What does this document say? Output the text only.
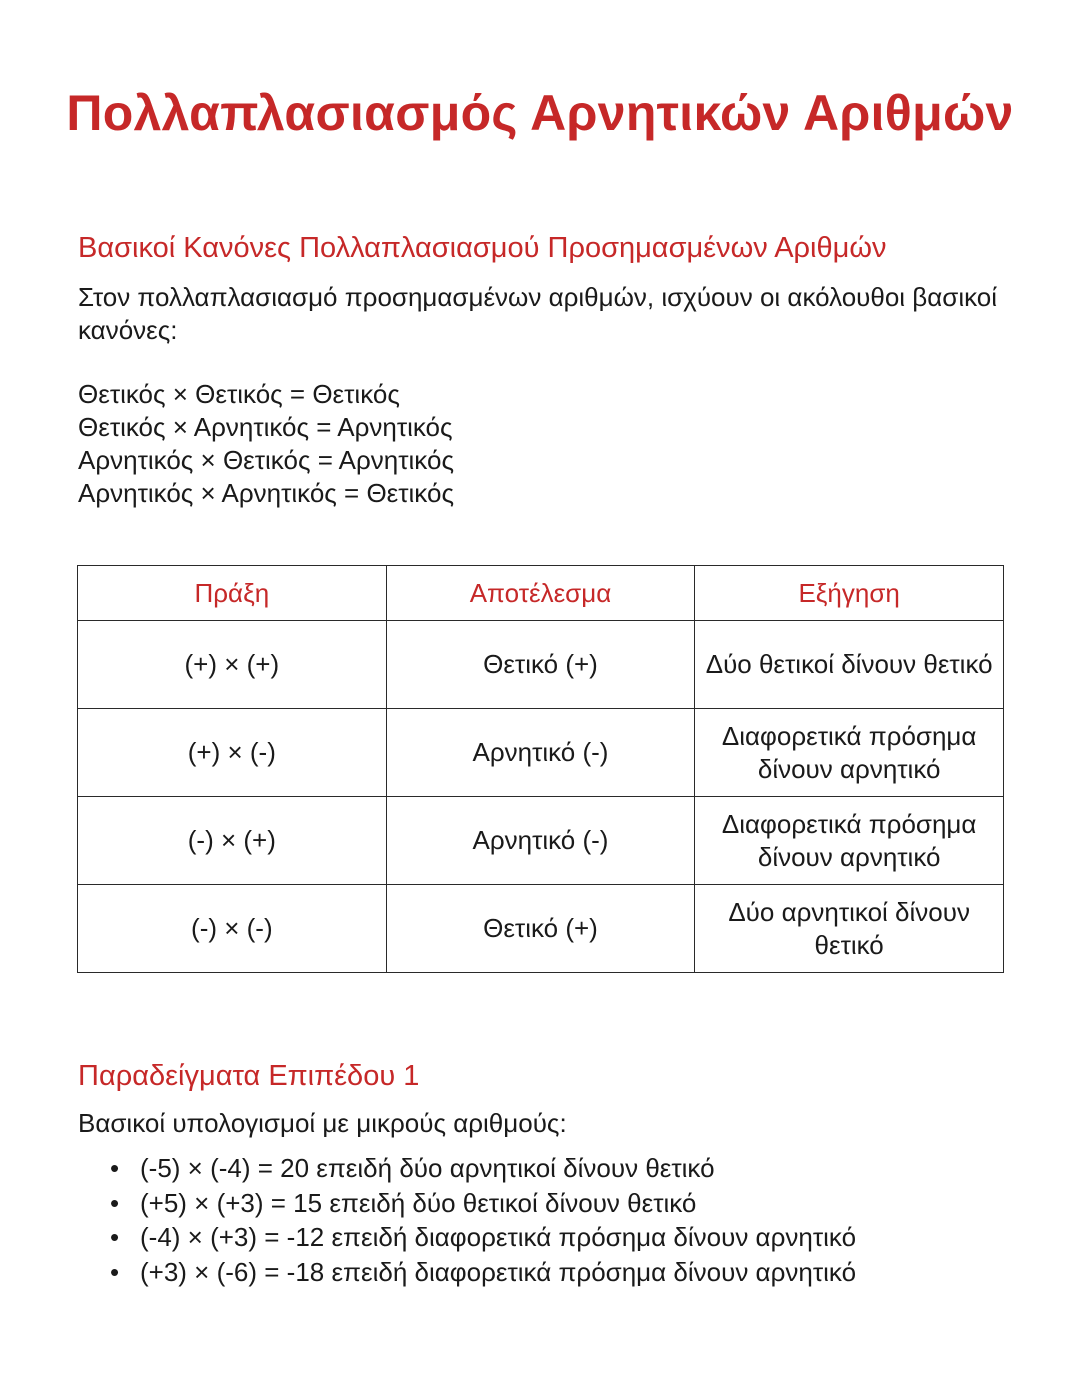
Πολλαπλασιασμός Αρνητικών Αριθμών
Βασικοί Κανόνες Πολλαπλασιασμού Προσημασμένων Αριθμών

Στον πολλαπλασιασμό προσημασμένων αριθμών, ισχύουν οι ακόλουθοι βασικοί κανόνες:

Θετικός × Θετικός = Θετικός
Θετικός × Αρνητικός = Αρνητικός
Αρνητικός × Θετικός = Αρνητικός
Αρνητικός × Αρνητικός = Θετικός
Πράξη	Αποτέλεσμα	Εξήγηση
(+) × (+)	Θετικό (+)	Δύο θετικοί δίνουν θετικό
(+) × (-)	Αρνητικό (-)	Διαφορετικά πρόσημα δίνουν αρνητικό
(-) × (+)	Αρνητικό (-)	Διαφορετικά πρόσημα δίνουν αρνητικό
(-) × (-)	Θετικό (+)	Δύο αρνητικοί δίνουν θετικό
Παραδείγματα Επιπέδου 1

Βασικοί υπολογισμοί με μικρούς αριθμούς:

• (-5) × (-4) = 20 επειδή δύο αρνητικοί δίνουν θετικό
• (+5) × (+3) = 15 επειδή δύο θετικοί δίνουν θετικό
• (-4) × (+3) = -12 επειδή διαφορετικά πρόσημα δίνουν αρνητικό
• (+3) × (-6) = -18 επειδή διαφορετικά πρόσημα δίνουν αρνητικό
